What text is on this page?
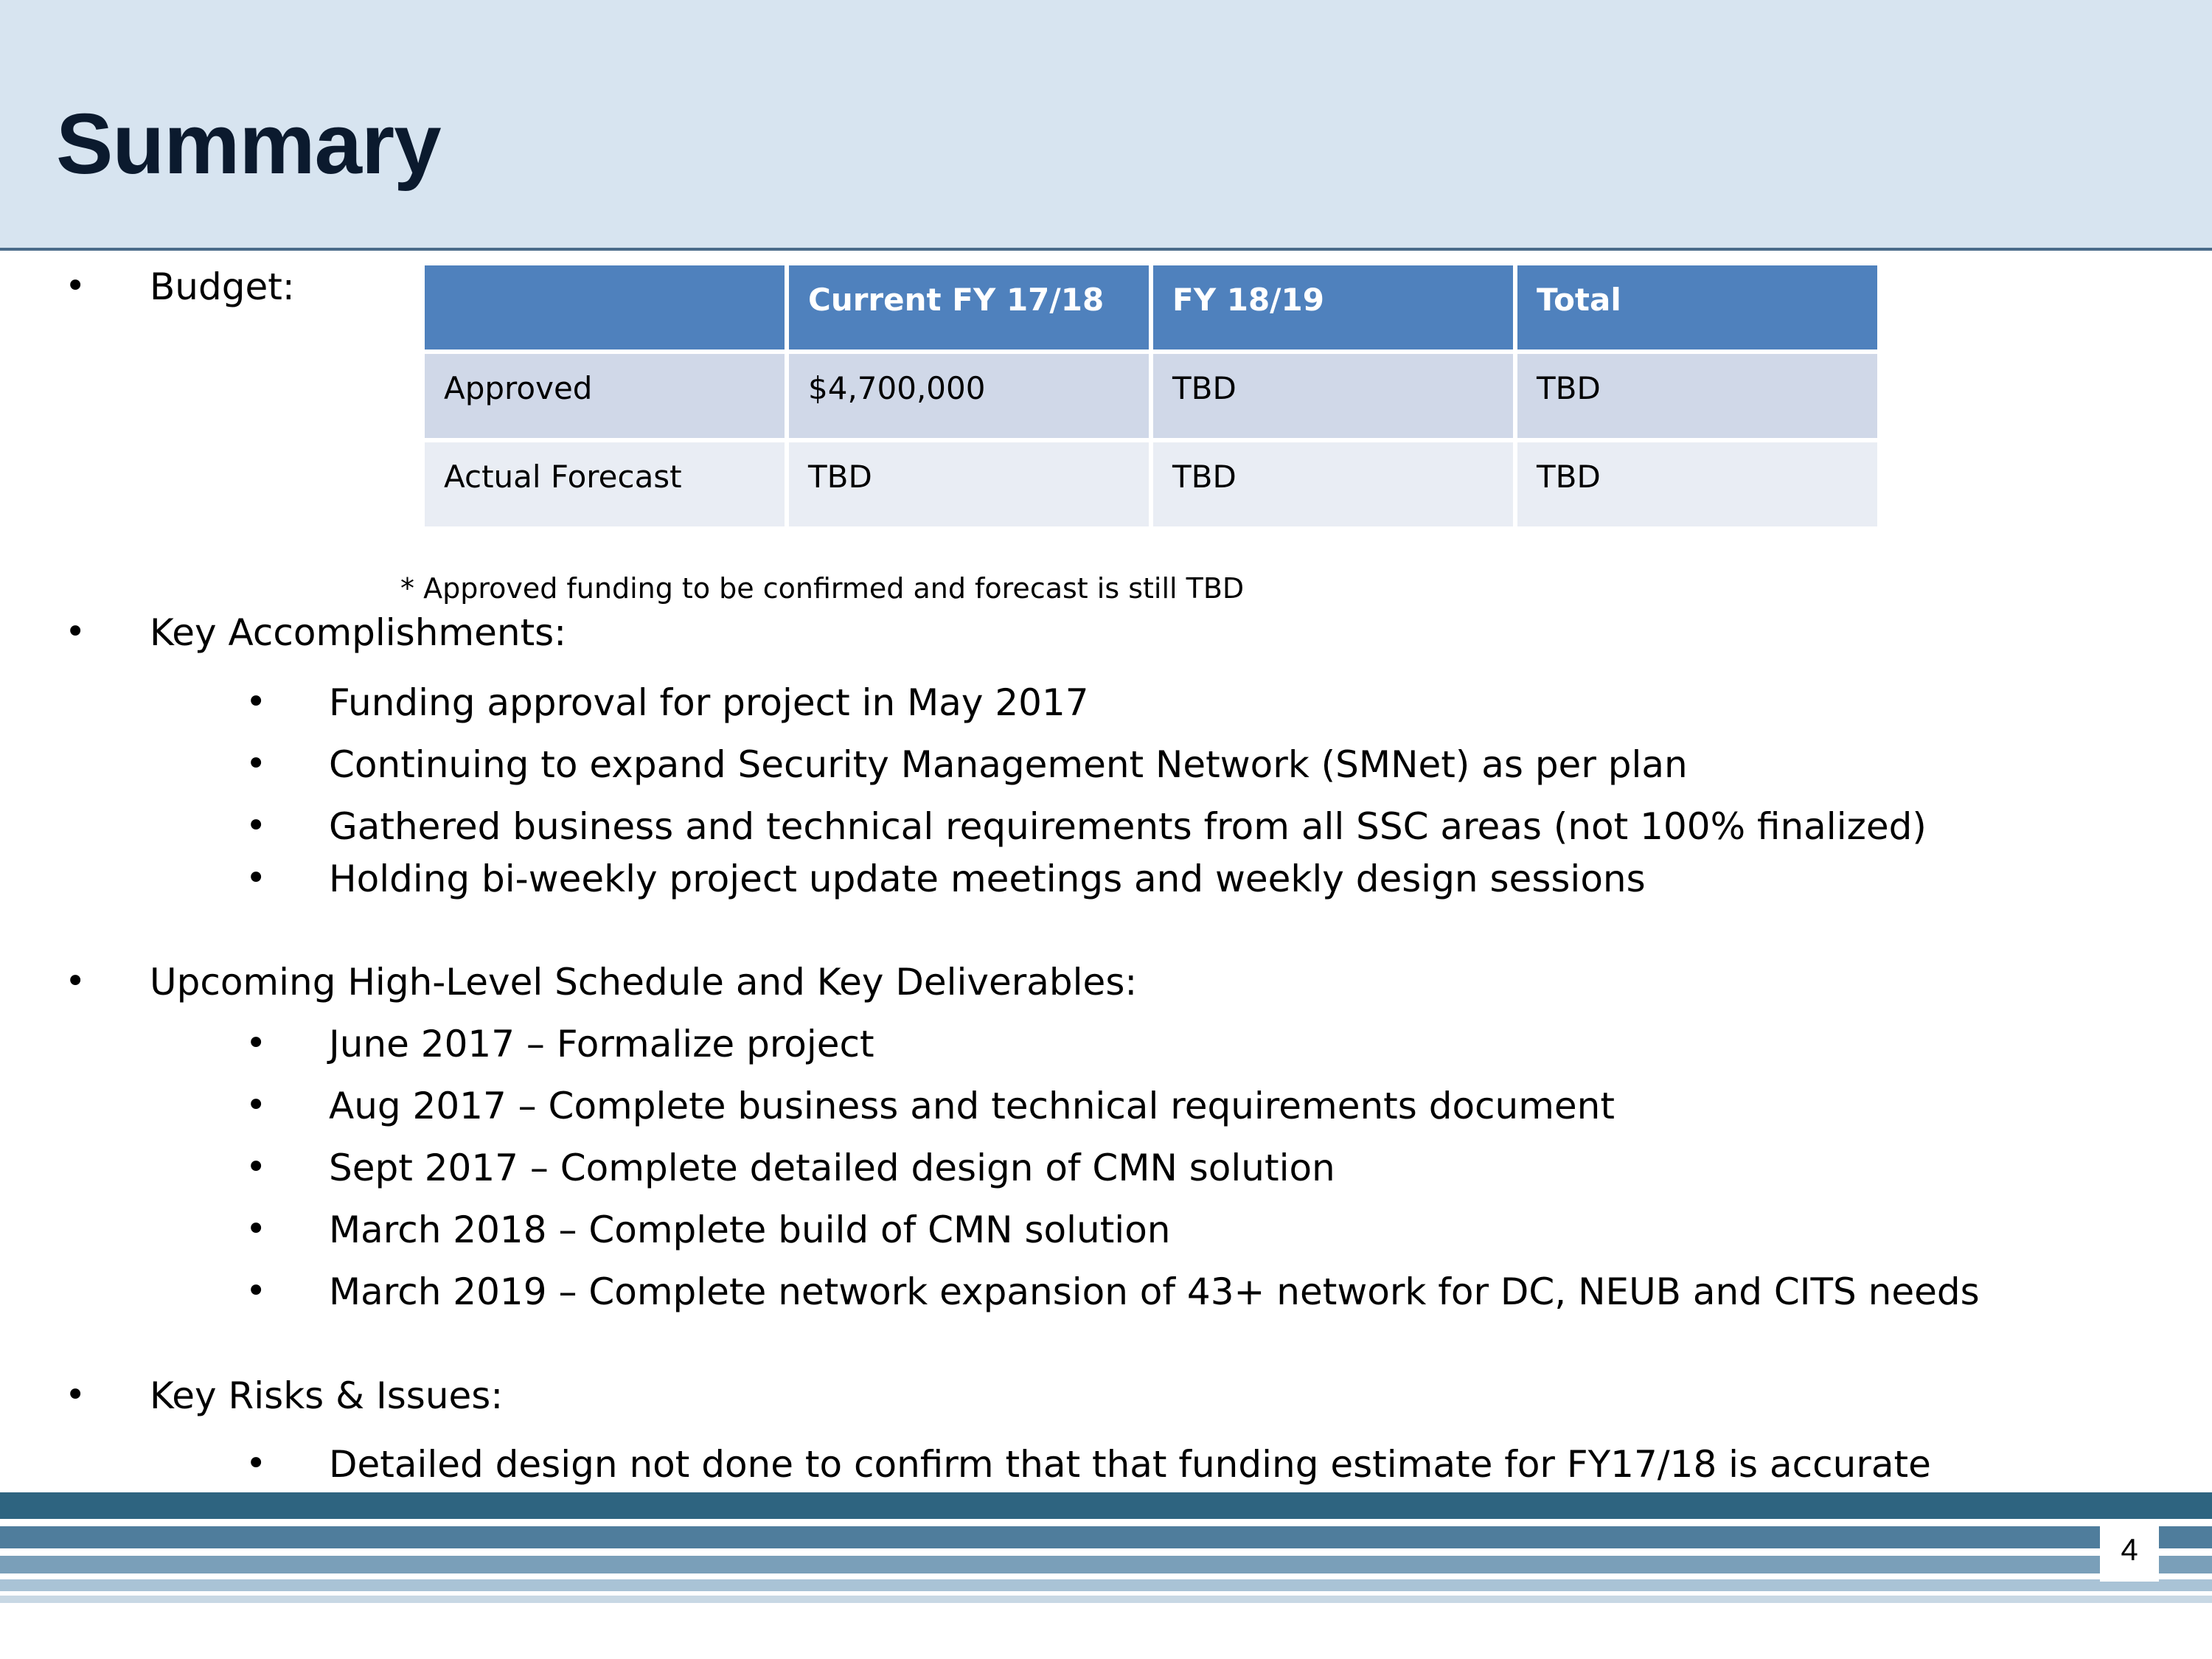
Summary
• Budget:
		Current FY 17/18	FY 18/19	Total
Approved	$4,700,000	TBD	TBD
Actual Forecast	TBD	TBD	TBD
* Approved funding to be confirmed and forecast is still TBD
• Key Accomplishments:
• Funding approval for project in May 2017
• Continuing to expand Security Management Network (SMNet) as per plan
• Gathered business and technical requirements from all SSC areas (not 100% finalized)
• Holding bi-weekly project update meetings and weekly design sessions
• Upcoming High-Level Schedule and Key Deliverables:
• June 2017 – Formalize project
• Aug 2017 – Complete business and technical requirements document
• Sept 2017 – Complete detailed design of CMN solution
• March 2018 – Complete build of CMN solution
• March 2019 – Complete network expansion of 43+ network for DC, NEUB and CITS needs
• Key Risks & Issues:
• Detailed design not done to confirm that that funding estimate for FY17/18 is accurate
4
